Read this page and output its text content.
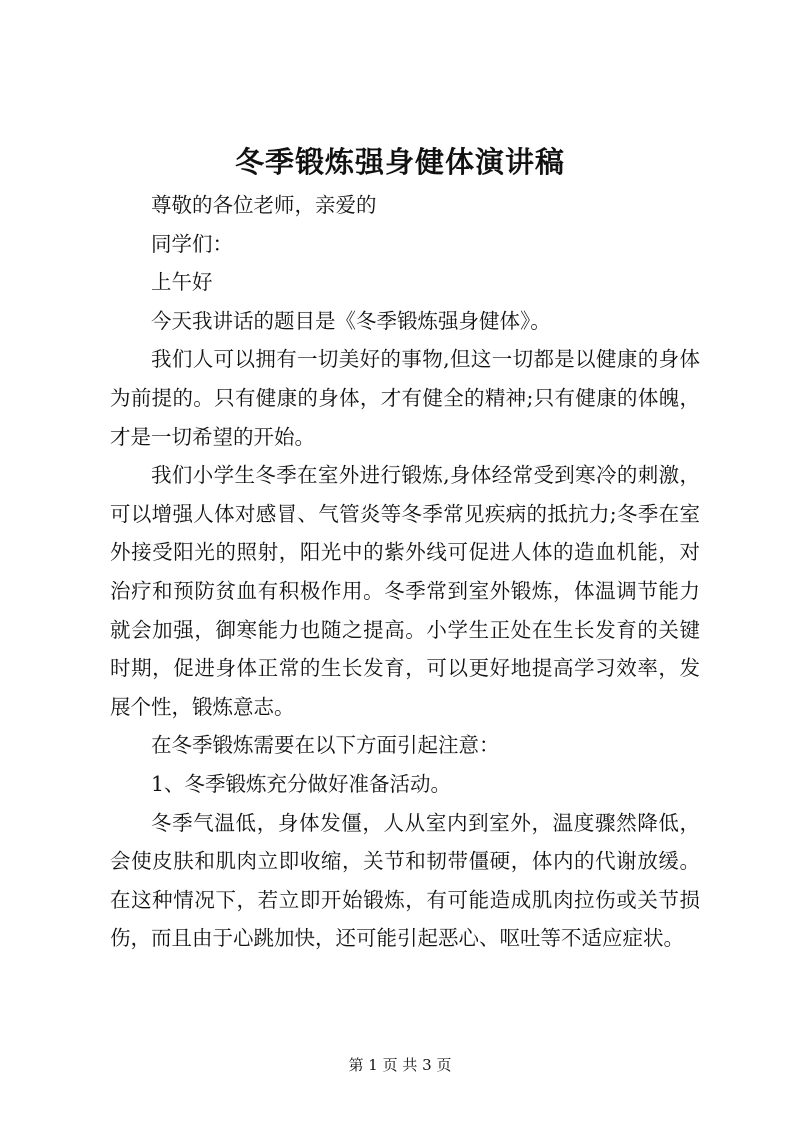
冬季锻炼强身健体演讲稿

尊敬的各位老师，亲爱的

同学们：

上午好

今天我讲话的题目是《冬季锻炼强身健体》。

我们人可以拥有一切美好的事物,但这一切都是以健康的身体为前提的。只有健康的身体，才有健全的精神;只有健康的体魄，才是一切希望的开始。

我们小学生冬季在室外进行锻炼,身体经常受到寒冷的刺激，可以增强人体对感冒、气管炎等冬季常见疾病的抵抗力;冬季在室外接受阳光的照射，阳光中的紫外线可促进人体的造血机能，对治疗和预防贫血有积极作用。冬季常到室外锻炼，体温调节能力就会加强，御寒能力也随之提高。小学生正处在生长发育的关键时期，促进身体正常的生长发育，可以更好地提高学习效率，发展个性，锻炼意志。

在冬季锻炼需要在以下方面引起注意：

1、冬季锻炼充分做好准备活动。

冬季气温低，身体发僵，人从室内到室外，温度骤然降低，会使皮肤和肌肉立即收缩，关节和韧带僵硬，体内的代谢放缓。在这种情况下，若立即开始锻炼，有可能造成肌肉拉伤或关节损伤，而且由于心跳加快，还可能引起恶心、呕吐等不适应症状。

第 1 页 共 3 页
